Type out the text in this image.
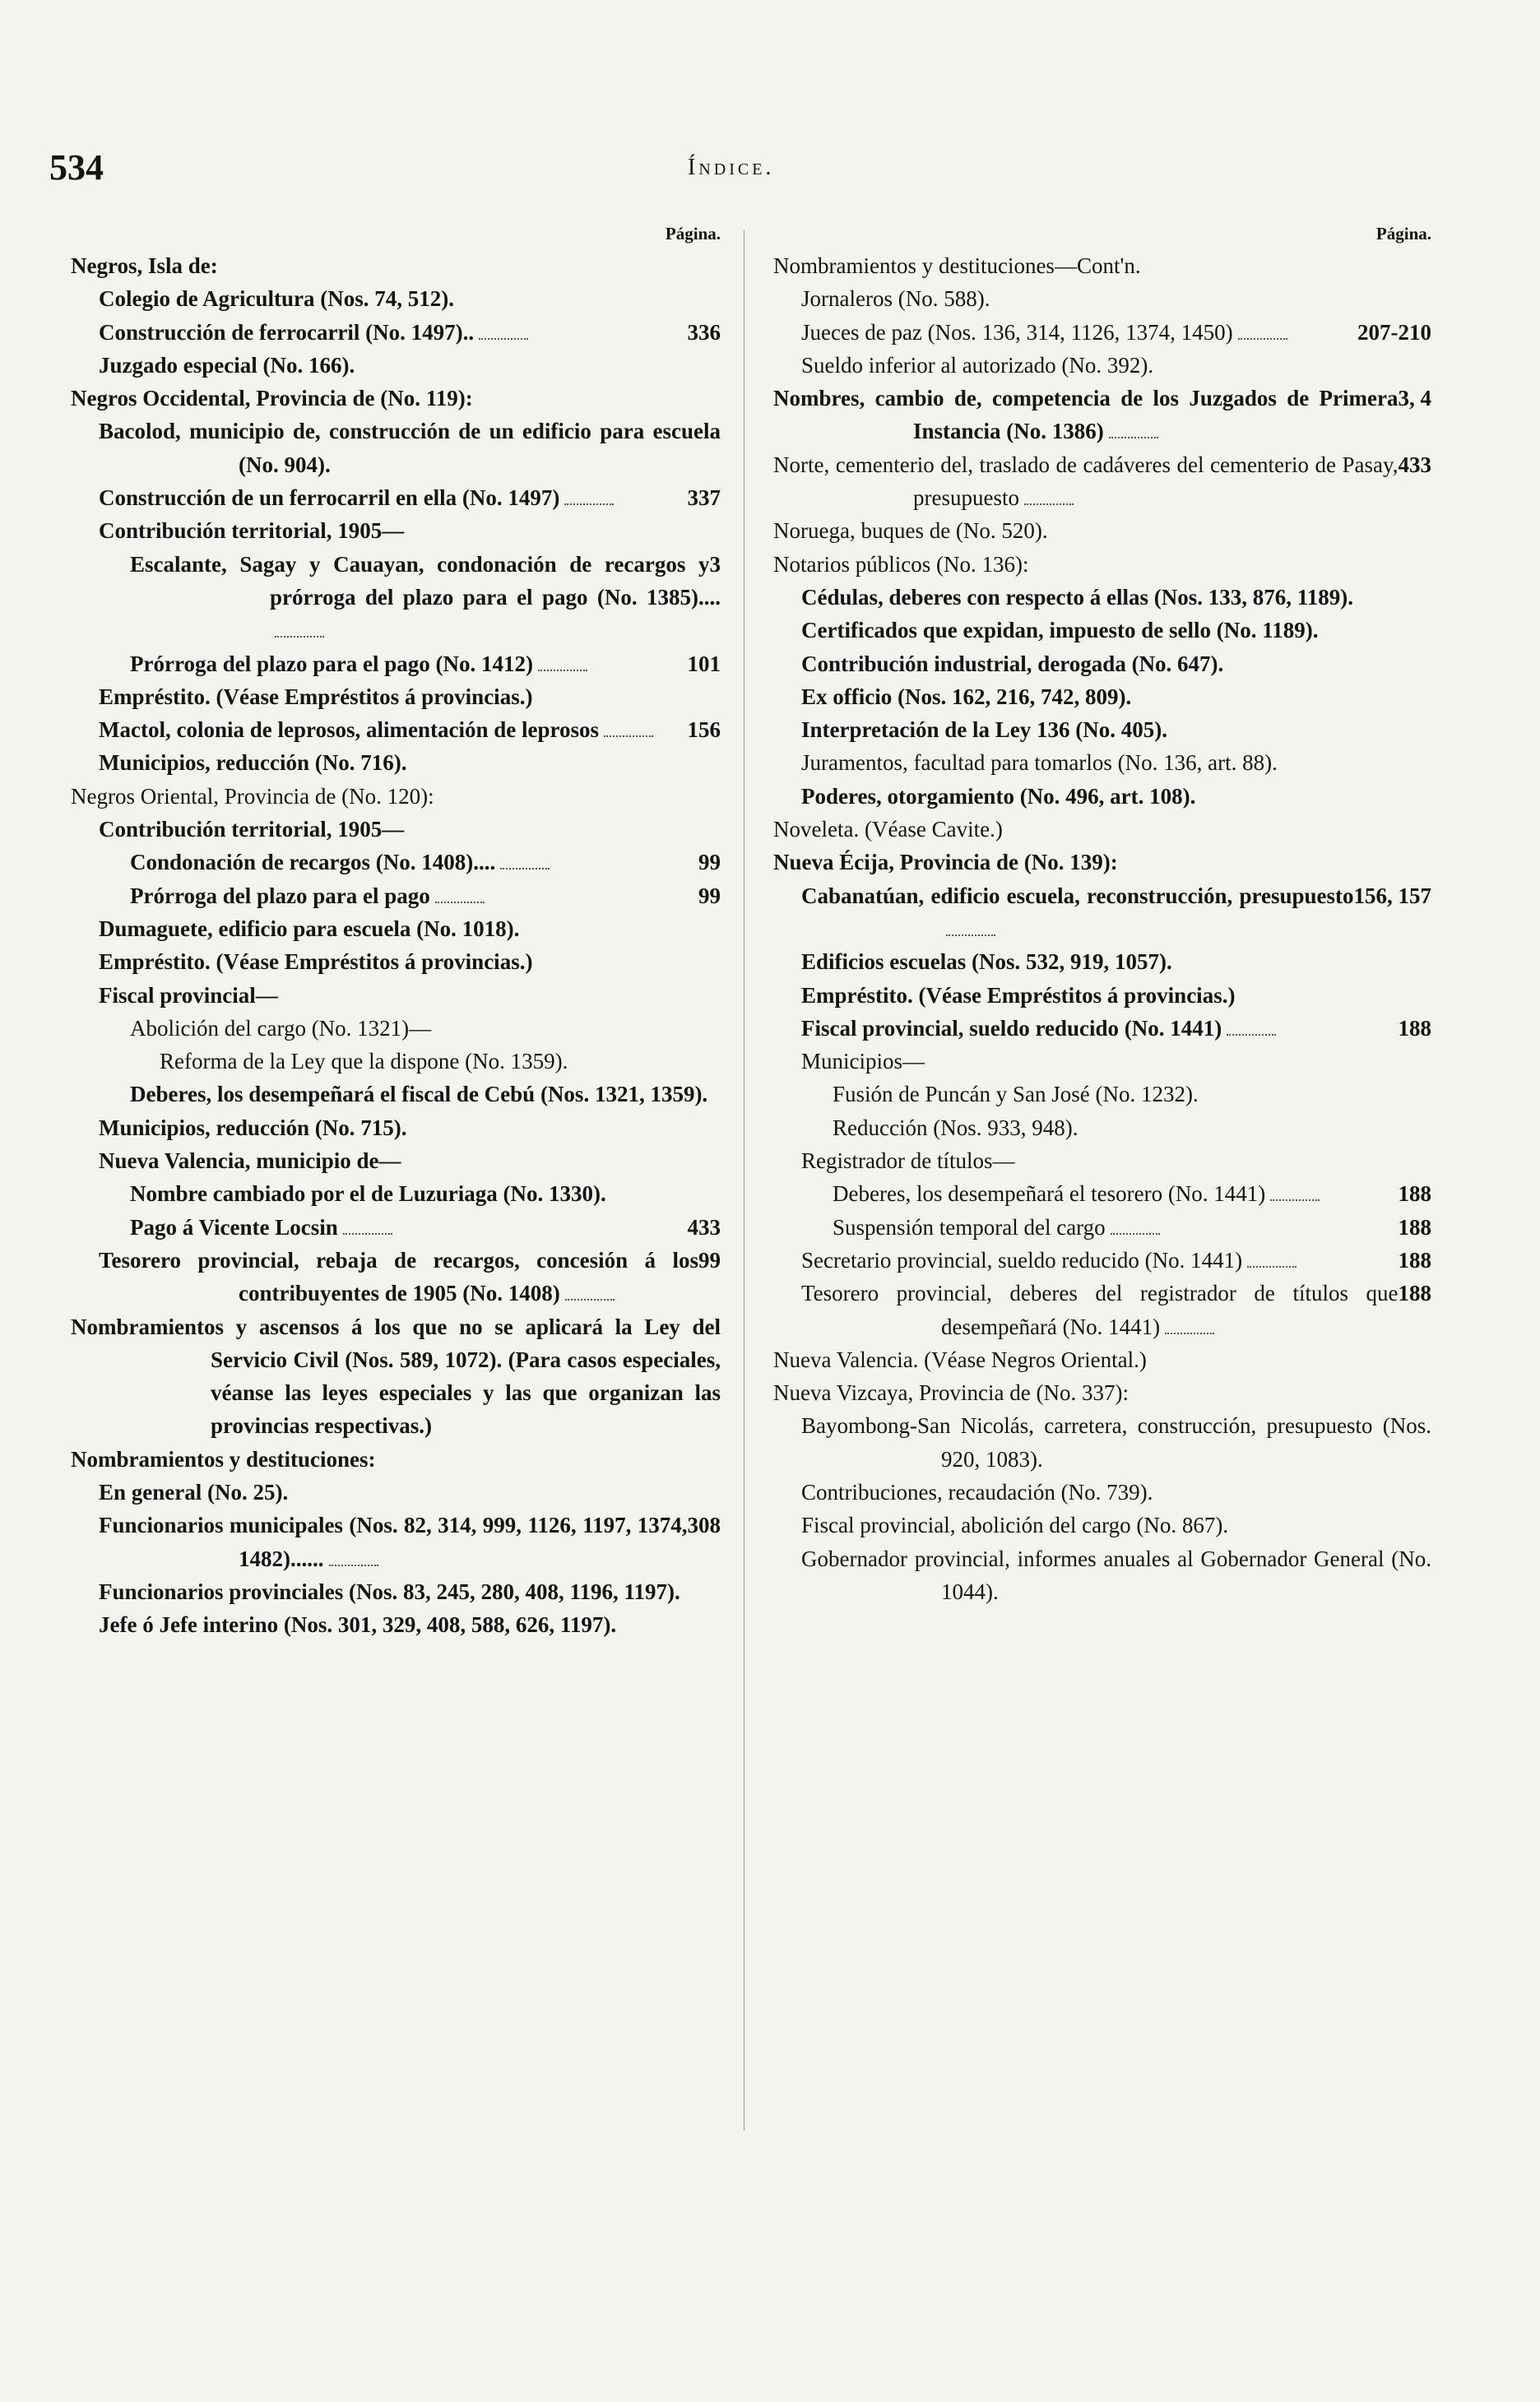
534	Índice.
Página.
Negros, Isla de:
Colegio de Agricultura (Nos. 74, 512).
336
Construcción de ferrocarril (No. 1497)..
Juzgado especial (No. 166).
Negros Occidental, Provincia de (No. 119):
Bacolod, municipio de, construcción de un edificio para escuela (No. 904).
337
Construcción de un ferrocarril en ella (No. 1497)
Contribución territorial, 1905—
3
Escalante, Sagay y Cauayan, condonación de recargos y prórroga del plazo para el pago (No. 1385)....
101
Prórroga del plazo para el pago (No. 1412)
Empréstito. (Véase Empréstitos á provincias.)
156
Mactol, colonia de leprosos, alimentación de leprosos
Municipios, reducción (No. 716).
Negros Oriental, Provincia de (No. 120):
Contribución territorial, 1905—
99
Condonación de recargos (No. 1408)....
99
Prórroga del plazo para el pago
Dumaguete, edificio para escuela (No. 1018).
Empréstito. (Véase Empréstitos á provincias.)
Fiscal provincial—
Abolición del cargo (No. 1321)—
Reforma de la Ley que la dispone (No. 1359).
Deberes, los desempeñará el fiscal de Cebú (Nos. 1321, 1359).
Municipios, reducción (No. 715).
Nueva Valencia, municipio de—
Nombre cambiado por el de Luzuriaga (No. 1330).
433
Pago á Vicente Locsin
99
Tesorero provincial, rebaja de recargos, concesión á los contribuyentes de 1905 (No. 1408)
Nombramientos y ascensos á los que no se aplicará la Ley del Servicio Civil (Nos. 589, 1072). (Para casos especiales, véanse las leyes especiales y las que organizan las provincias respectivas.)
Nombramientos y destituciones:
En general (No. 25).
308
Funcionarios municipales (Nos. 82, 314, 999, 1126, 1197, 1374, 1482)......
Funcionarios provinciales (Nos. 83, 245, 280, 408, 1196, 1197).
Jefe ó Jefe interino (Nos. 301, 329, 408, 588, 626, 1197).
Página.
Nombramientos y destituciones—Cont'n.
Jornaleros (No. 588).
207-210
Jueces de paz (Nos. 136, 314, 1126, 1374, 1450)
Sueldo inferior al autorizado (No. 392).
3, 4
Nombres, cambio de, competencia de los Juzgados de Primera Instancia (No. 1386)
433
Norte, cementerio del, traslado de cadáveres del cementerio de Pasay, presupuesto
Noruega, buques de (No. 520).
Notarios públicos (No. 136):
Cédulas, deberes con respecto á ellas (Nos. 133, 876, 1189).
Certificados que expidan, impuesto de sello (No. 1189).
Contribución industrial, derogada (No. 647).
Ex officio (Nos. 162, 216, 742, 809).
Interpretación de la Ley 136 (No. 405).
Juramentos, facultad para tomarlos (No. 136, art. 88).
Poderes, otorgamiento (No. 496, art. 108).
Noveleta. (Véase Cavite.)
Nueva Écija, Provincia de (No. 139):
156, 157
Cabanatúan, edificio escuela, reconstrucción, presupuesto
Edificios escuelas (Nos. 532, 919, 1057).
Empréstito. (Véase Empréstitos á provincias.)
188
Fiscal provincial, sueldo reducido (No. 1441)
Municipios—
Fusión de Puncán y San José (No. 1232).
Reducción (Nos. 933, 948).
Registrador de títulos—
188
Deberes, los desempeñará el tesorero (No. 1441)
188
Suspensión temporal del cargo
188
Secretario provincial, sueldo reducido (No. 1441)
188
Tesorero provincial, deberes del registrador de títulos que desempeñará (No. 1441)
Nueva Valencia. (Véase Negros Oriental.)
Nueva Vizcaya, Provincia de (No. 337):
Bayombong-San Nicolás, carretera, construcción, presupuesto (Nos. 920, 1083).
Contribuciones, recaudación (No. 739).
Fiscal provincial, abolición del cargo (No. 867).
Gobernador provincial, informes anuales al Gobernador General (No. 1044).
